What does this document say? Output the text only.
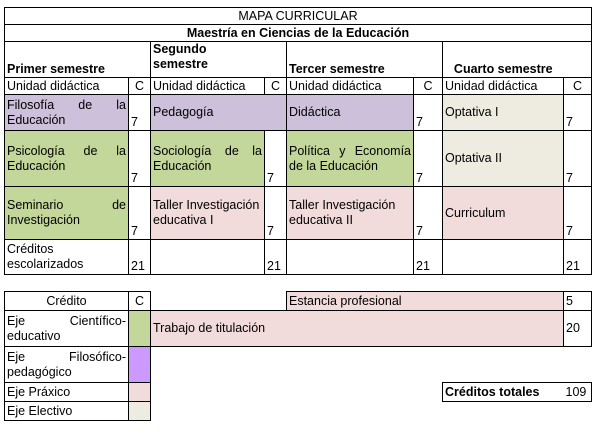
MAPA CURRICULAR							
Maestría en Ciencias de la Educación							
Primer semestre		Segundo semestre		Tercer semestre		Cuarto semestre	
Unidad didáctica	C	Unidad didáctica	C	Unidad didáctica	C	Unidad didáctica	C
Filosofía de la Educación	7	Pedagogía		Didáctica	7	Optativa I	7
Psicología de la Educación	7	Sociología de la Educación	7	Política y Economía de la Educación	7	Optativa II	7
Seminario de Investigación	7	Taller Investigación educativa I	7	Taller Investigación educativa II	7	Curriculum	7
Créditos escolarizados	21		21		21		21

Crédito	C			Estancia profesional			5
Eje Científico-educativo		Trabajo de titulación					20
Eje Filosófico-pedagógico							
Eje Práxico						Créditos totales	109
Eje Electivo							
